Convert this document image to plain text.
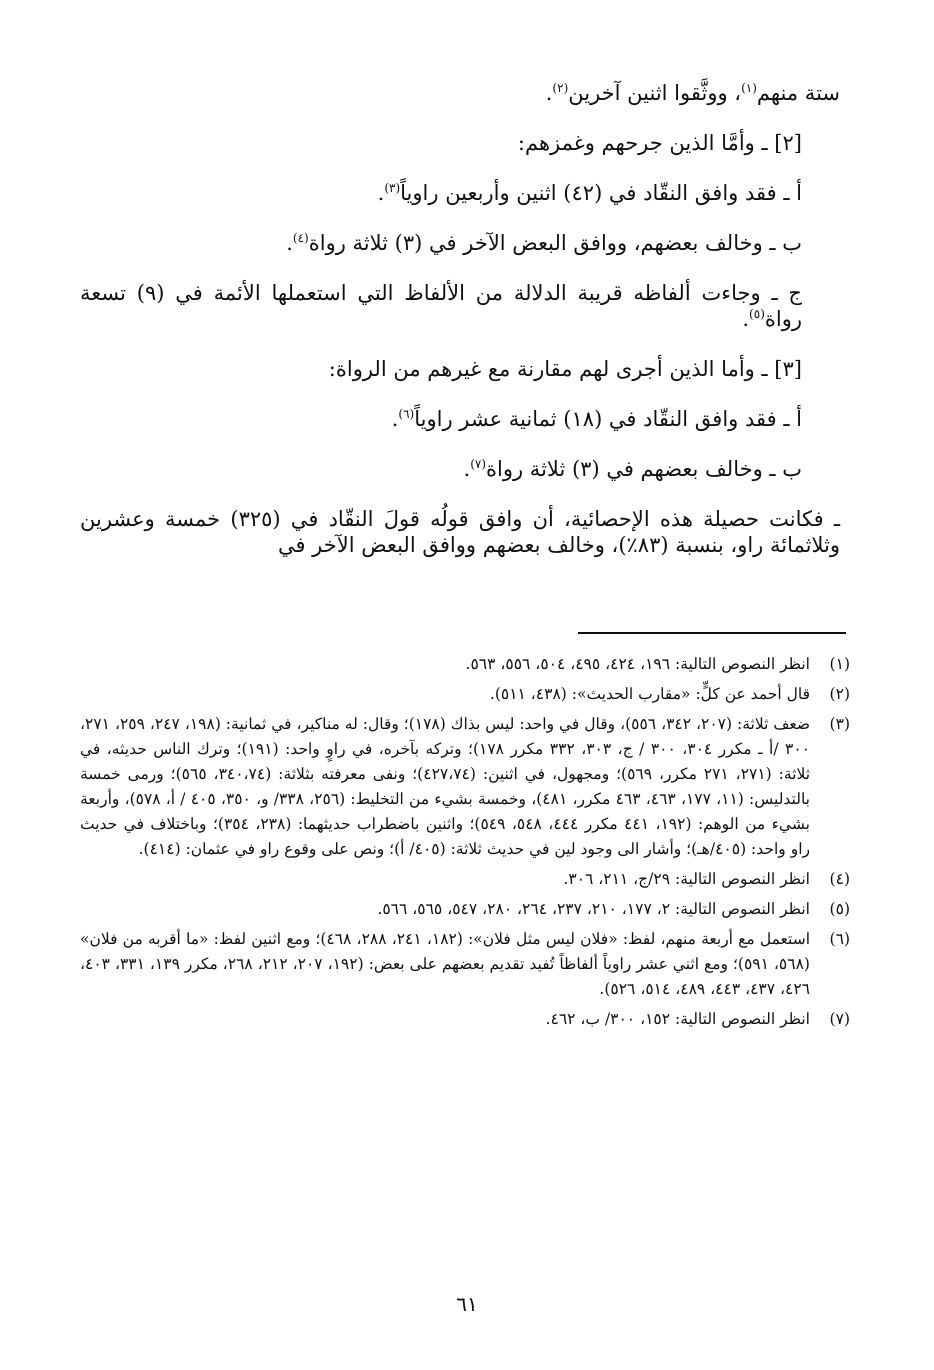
ستة منهم$^{(١)}$، ووثَّقوا اثنين آخرين$^{(٢)}$.

[٢] ـ وأمَّا الذين جرحهم وغمزهم:

أ ـ فقد وافق النقّاد في (٤٢) اثنين وأربعين راوياً$^{(٣)}$.

ب ـ وخالف بعضهم، ووافق البعض الآخر في (٣) ثلاثة رواة$^{(٤)}$.

ج ـ وجاءت ألفاظه قريبة الدلالة من الألفاظ التي استعملها الأئمة في (٩) تسعة رواة$^{(٥)}$.

[٣] ـ وأما الذين أجرى لهم مقارنة مع غيرهم من الرواة:

أ ـ فقد وافق النقّاد في (١٨) ثمانية عشر راوياً$^{(٦)}$.

ب ـ وخالف بعضهم في (٣) ثلاثة رواة$^{(٧)}$.

ـ فكانت حصيلة هذه الإحصائية، أن وافق قولُه قولَ النقّاد في (٣٢٥) خمسة وعشرين وثلاثمائة راو، بنسبة (٨٣٪)، وخالف بعضهم ووافق البعض الآخر في

(١)
انظر النصوص التالية: ١٩٦، ٤٢٤، ٤٩٥، ٥٠٤، ٥٥٦، ٥٦٣.
(٢)
قال أحمد عن كلٍّ: «مقارب الحديث»: (٤٣٨، ٥١١).
(٣)
ضعف ثلاثة: (٢٠٧، ٣٤٢، ٥٥٦)، وقال في واحد: ليس بذاك (١٧٨)؛ وقال: له مناكير، في ثمانية: (١٩٨، ٢٤٧، ٢٥٩، ٢٧١، ٣٠٠ /أ ـ مكرر ٣٠٤، ٣٠٠ / ج، ٣٠٣، ٣٣٢ مكرر ١٧٨)؛ وتركه بآخره، في راوٍ واحد: (١٩١)؛ وترك الناس حديثه، في ثلاثة: (٢٧١، ٢٧١ مكرر، ٥٦٩)؛ ومجهول، في اثنين: (٤٢٧،٧٤)؛ ونفى معرفته بثلاثة: (٣٤٠،٧٤، ٥٦٥)؛ ورمى خمسة بالتدليس: (١١، ١٧٧، ٤٦٣، ٤٦٣ مكرر، ٤٨١)، وخمسة بشيء من التخليط: (٢٥٦، ٣٣٨/ و، ٣٥٠، ٤٠٥ / أ، ٥٧٨)، وأربعة بشيء من الوهم: (١٩٢، ٤٤١ مكرر ٤٤٤، ٥٤٨، ٥٤٩)؛ واثنين باضطراب حديثهما: (٢٣٨، ٣٥٤)؛ وباختلاف في حديث راو واحد: (٤٠٥/هـ)؛ وأشار الى وجود لين في حديث ثلاثة: (٤٠٥/ أ)؛ ونص على وقوع راو في عثمان: (٤١٤).
(٤)
انظر النصوص التالية: ٢٩/ج، ٢١١، ٣٠٦.
(٥)
انظر النصوص التالية: ٢، ١٧٧، ٢١٠، ٢٣٧، ٢٦٤، ٢٨٠، ٥٤٧، ٥٦٥، ٥٦٦.
(٦)
استعمل مع أربعة منهم، لفظ: «فلان ليس مثل فلان»: (١٨٢، ٢٤١، ٢٨٨، ٤٦٨)؛ ومع اثنين لفظ: «ما أقربه من فلان» (٥٦٨، ٥٩١)؛ ومع اثني عشر راوياً ألفاظاً تُفيد تقديم بعضهم على بعض: (١٩٢، ٢٠٧، ٢١٢، ٢٦٨، مكرر ١٣٩، ٣٣١، ٤٠٣، ٤٢٦، ٤٣٧، ٤٤٣، ٤٨٩، ٥١٤، ٥٢٦).
(٧)
انظر النصوص التالية: ١٥٢، ٣٠٠/ ب، ٤٦٢.
٦١
